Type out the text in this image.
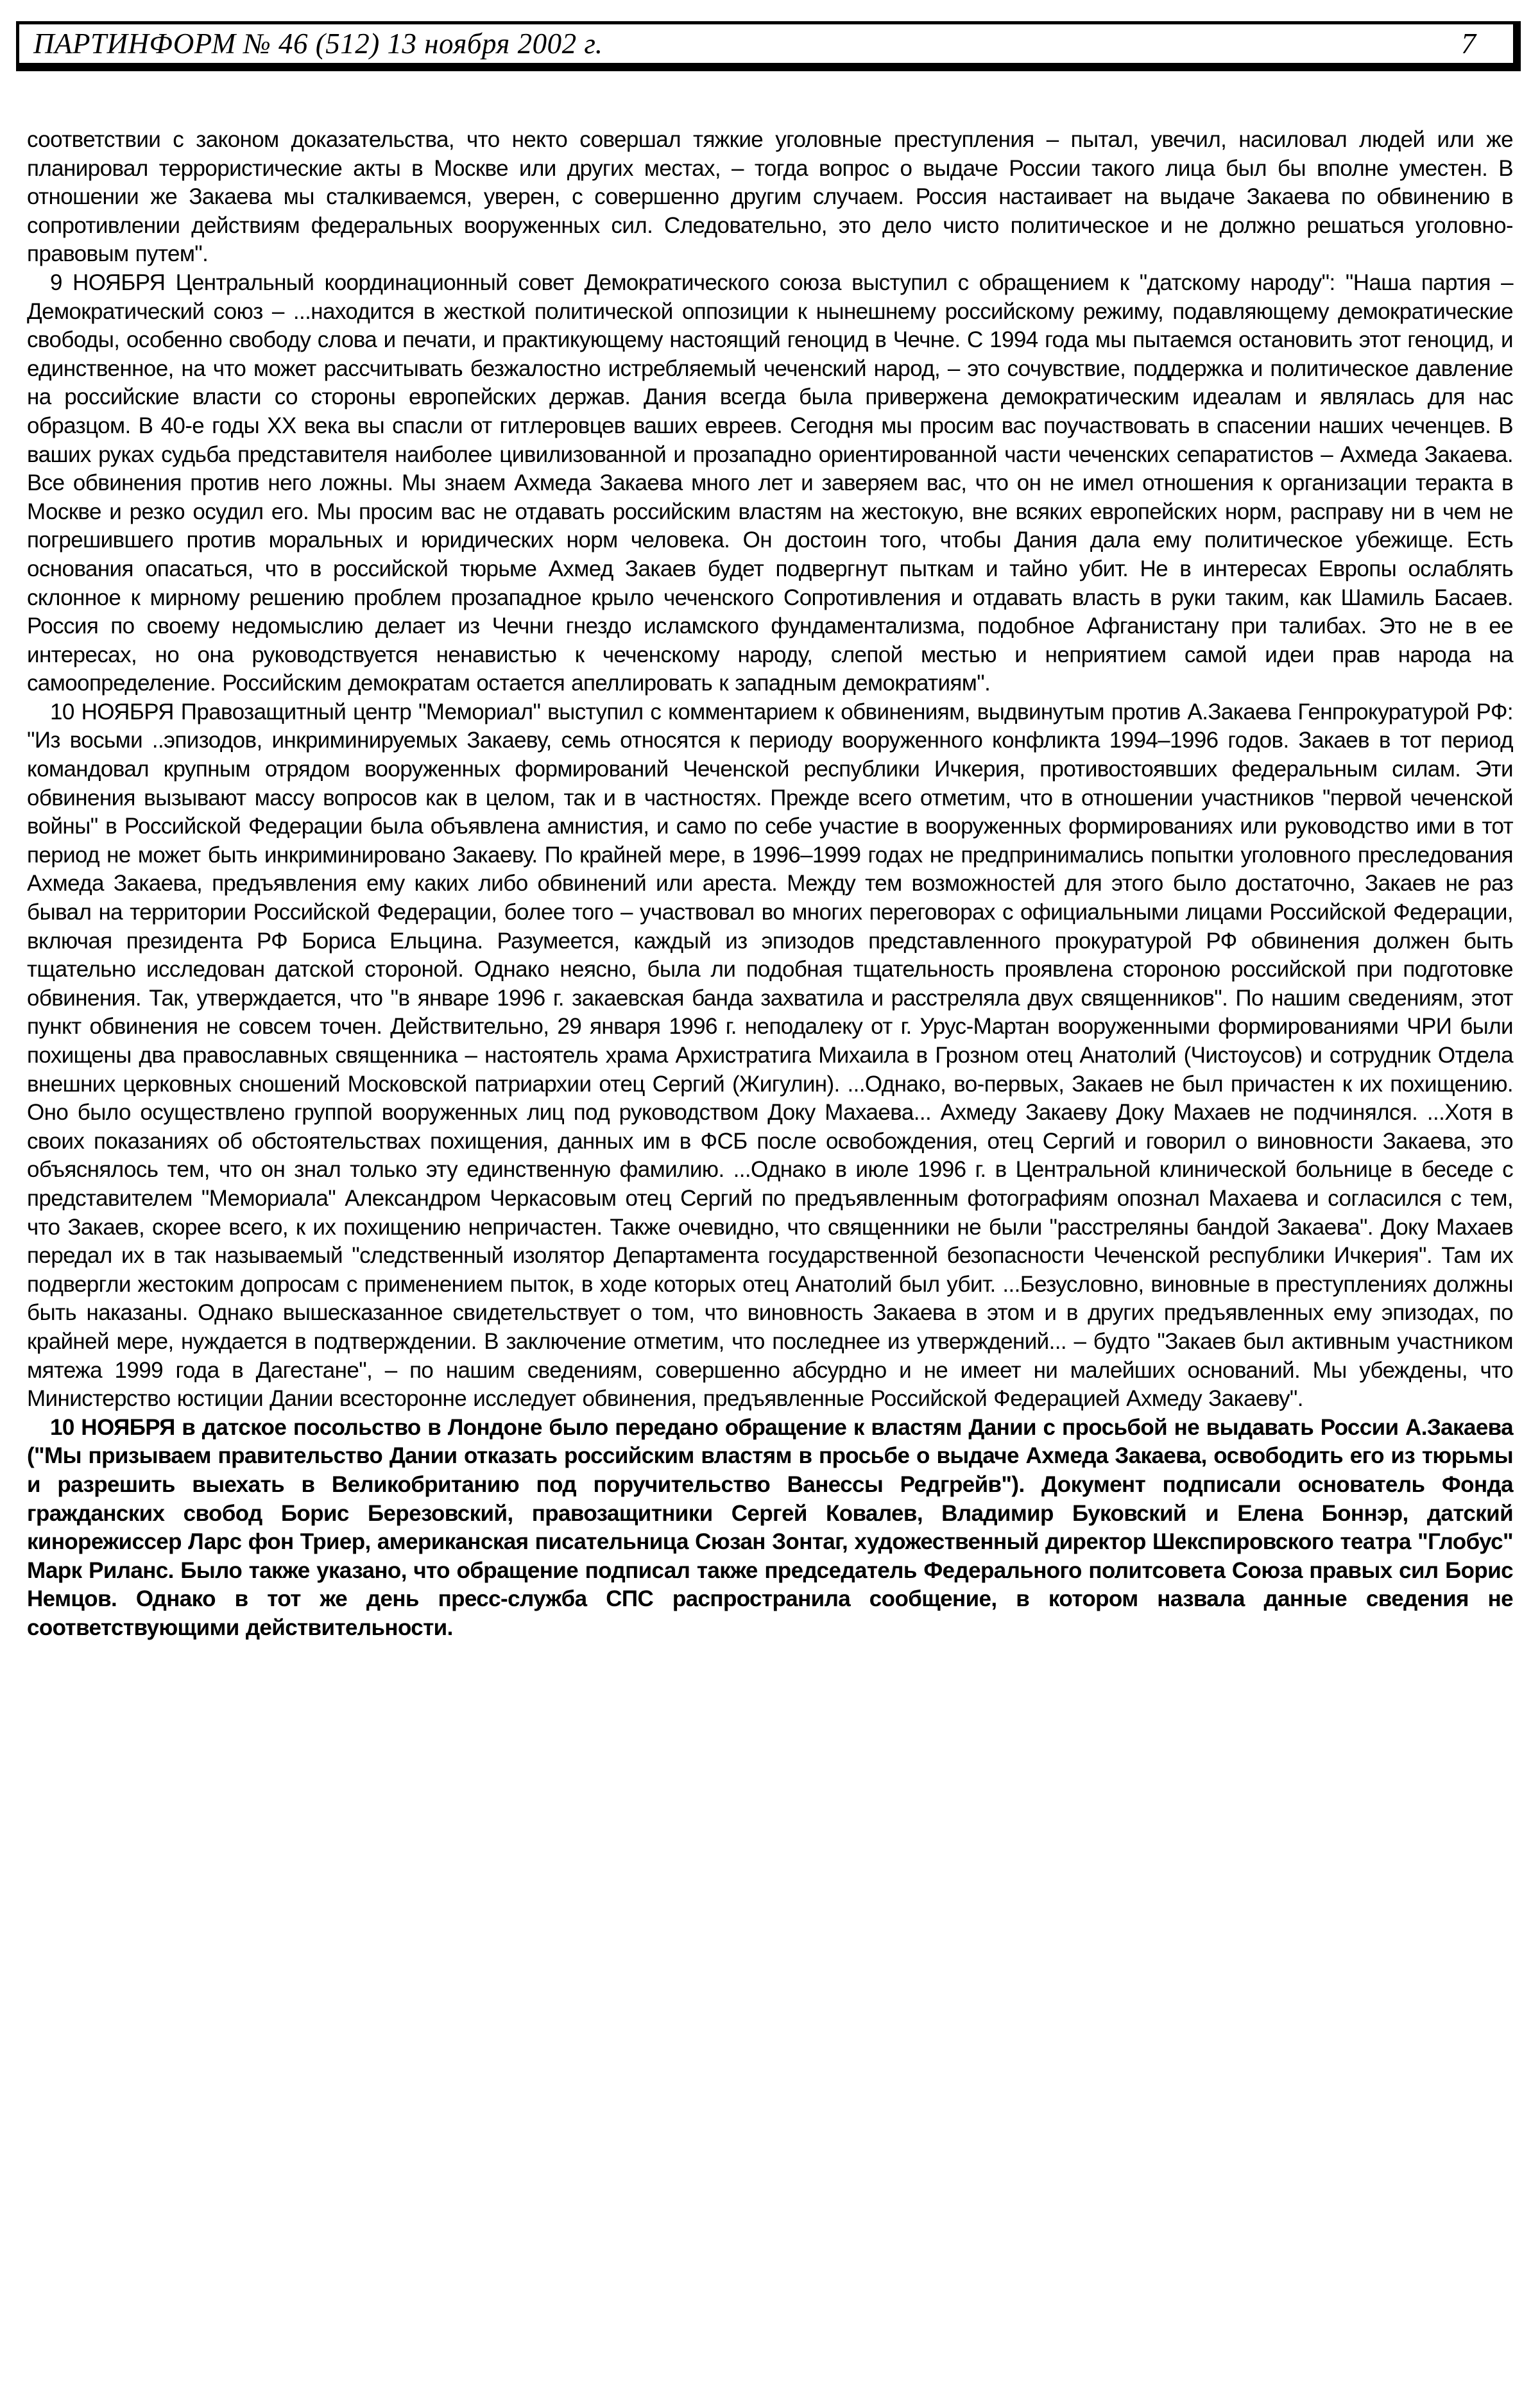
ПАРТИНФОРМ № 46 (512) 13 ноября 2002 г.	7

соответствии с законом доказательства, что некто совершал тяжкие уголовные преступления – пытал, увечил, насиловал людей или же планировал террористические акты в Москве или других местах, – тогда вопрос о выдаче России такого лица был бы вполне уместен. В отношении же Закаева мы сталкиваемся, уверен, с совершенно другим случаем. Россия настаивает на выдаче Закаева по обвинению в сопротивлении действиям федеральных вооруженных сил. Следовательно, это дело чисто политическое и не должно решаться уголовно-правовым путем".

9 НОЯБРЯ Центральный координационный совет Демократического союза выступил с обращением к "датскому народу": "Наша партия – Демократический союз – ...находится в жесткой политической оппозиции к нынешнему российскому режиму, подавляющему демократические свободы, особенно свободу слова и печати, и практикующему настоящий геноцид в Чечне. С 1994 года мы пытаемся остановить этот геноцид, и единственное, на что может рассчитывать безжалостно истребляемый чеченский народ, – это сочувствие, поддержка и политическое давление на российские власти со стороны европейских держав. Дания всегда была привержена демократическим идеалам и являлась для нас образцом. В 40-е годы XX века вы спасли от гитлеровцев ваших евреев. Сегодня мы просим вас поучаствовать в спасении наших чеченцев. В ваших руках судьба представителя наиболее цивилизованной и прозападно ориентированной части чеченских сепаратистов – Ахмеда Закаева. Все обвинения против него ложны. Мы знаем Ахмеда Закаева много лет и заверяем вас, что он не имел отношения к организации теракта в Москве и резко осудил его. Мы просим вас не отдавать российским властям на жестокую, вне всяких европейских норм, расправу ни в чем не погрешившего против моральных и юридических норм человека. Он достоин того, чтобы Дания дала ему политическое убежище. Есть основания опасаться, что в российской тюрьме Ахмед Закаев будет подвергнут пыткам и тайно убит. Не в интересах Европы ослаблять склонное к мирному решению проблем прозападное крыло чеченского Сопротивления и отдавать власть в руки таким, как Шамиль Басаев. Россия по своему недомыслию делает из Чечни гнездо исламского фундаментализма, подобное Афганистану при талибах. Это не в ее интересах, но она руководствуется ненавистью к чеченскому народу, слепой местью и неприятием самой идеи прав народа на самоопределение. Российским демократам остается апеллировать к западным демократиям".

10 НОЯБРЯ Правозащитный центр "Мемориал" выступил с комментарием к обвинениям, выдвинутым против А.Закаева Генпрокуратурой РФ: "Из восьми ..эпизодов, инкриминируемых Закаеву, семь относятся к периоду вооруженного конфликта 1994–1996 годов. Закаев в тот период командовал крупным отрядом вооруженных формирований Чеченской республики Ичкерия, противостоявших федеральным силам. Эти обвинения вызывают массу вопросов как в целом, так и в частностях. Прежде всего отметим, что в отношении участников "первой чеченской войны" в Российской Федерации была объявлена амнистия, и само по себе участие в вооруженных формированиях или руководство ими в тот период не может быть инкриминировано Закаеву. По крайней мере, в 1996–1999 годах не предпринимались попытки уголовного преследования Ахмеда Закаева, предъявления ему каких либо обвинений или ареста. Между тем возможностей для этого было достаточно, Закаев не раз бывал на территории Российской Федерации, более того – участвовал во многих переговорах с официальными лицами Российской Федерации, включая президента РФ Бориса Ельцина. Разумеется, каждый из эпизодов представленного прокуратурой РФ обвинения должен быть тщательно исследован датской стороной. Однако неясно, была ли подобная тщательность проявлена стороною российской при подготовке обвинения. Так, утверждается, что "в январе 1996 г. закаевская банда захватила и расстреляла двух священников". По нашим сведениям, этот пункт обвинения не совсем точен. Действительно, 29 января 1996 г. неподалеку от г. Урус-Мартан вооруженными формированиями ЧРИ были похищены два православных священника – настоятель храма Архистратига Михаила в Грозном отец Анатолий (Чистоусов) и сотрудник Отдела внешних церковных сношений Московской патриархии отец Сергий (Жигулин). ...Однако, во-первых, Закаев не был причастен к их похищению. Оно было осуществлено группой вооруженных лиц под руководством Доку Махаева... Ахмеду Закаеву Доку Махаев не подчинялся. ...Хотя в своих показаниях об обстоятельствах похищения, данных им в ФСБ после освобождения, отец Сергий и говорил о виновности Закаева, это объяснялось тем, что он знал только эту единственную фамилию. ...Однако в июле 1996 г. в Центральной клинической больнице в беседе с представителем "Мемориала" Александром Черкасовым отец Сергий по предъявленным фотографиям опознал Махаева и согласился с тем, что Закаев, скорее всего, к их похищению непричастен. Также очевидно, что священники не были "расстреляны бандой Закаева". Доку Махаев передал их в так называемый "следственный изолятор Департамента государственной безопасности Чеченской республики Ичкерия". Там их подвергли жестоким допросам с применением пыток, в ходе которых отец Анатолий был убит. ...Безусловно, виновные в преступлениях должны быть наказаны. Однако вышесказанное свидетельствует о том, что виновность Закаева в этом и в других предъявленных ему эпизодах, по крайней мере, нуждается в подтверждении. В заключение отметим, что последнее из утверждений... – будто "Закаев был активным участником мятежа 1999 года в Дагестане", – по нашим сведениям, совершенно абсурдно и не имеет ни малейших оснований. Мы убеждены, что Министерство юстиции Дании всесторонне исследует обвинения, предъявленные Российской Федерацией Ахмеду Закаеву".

10 НОЯБРЯ в датское посольство в Лондоне было передано обращение к властям Дании с просьбой не выдавать России А.Закаева ("Мы призываем правительство Дании отказать российским властям в просьбе о выдаче Ахмеда Закаева, освободить его из тюрьмы и разрешить выехать в Великобританию под поручительство Ванессы Редгрейв"). Документ подписали основатель Фонда гражданских свобод Борис Березовский, правозащитники Сергей Ковалев, Владимир Буковский и Елена Боннэр, датский кинорежиссер Ларс фон Триер, американская писательница Сюзан Зонтаг, художественный директор Шекспировского театра "Глобус" Марк Риланс. Было также указано, что обращение подписал также председатель Федерального политсовета Союза правых сил Борис Немцов. Однако в тот же день пресс-служба СПС распространила сообщение, в котором назвала данные сведения не соответствующими действительности.
